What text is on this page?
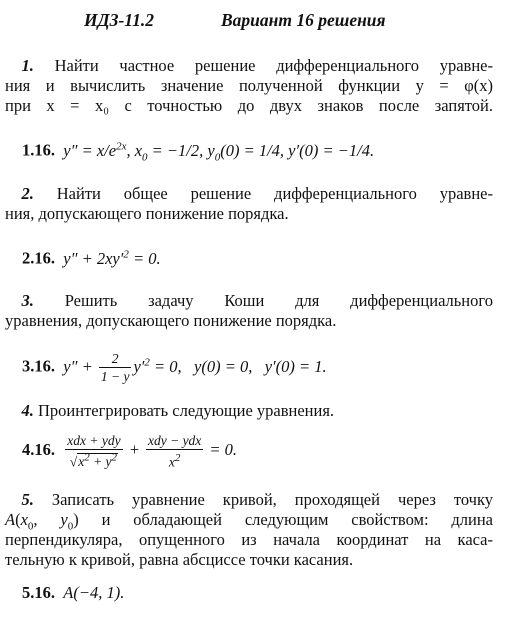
ИДЗ-11.2	Вариант 16 решения
 1. Найти частное решение дифференциального уравне-
ния и вычислить значение полученной функции y = φ(x)
при x = x₀ с точностью до двух знаков после запятой.
1.16. $y'' = x/e^{2x}$, $x_0 = -1/2$, $y_0(0) = 1/4$, y′(0) = −1/4.
 2. Найти общее решение дифференциального уравне-
ния, допускающего понижение порядка.
2.16. $y'' + 2xy'^2 = 0$.
 3. Решить задачу Коши для дифференциального
уравнения, допускающего понижение порядка.
3.16. $y'' + \frac{2}{1 - y} y'^2 = 0$,   y(0) = 0,   y′(0) = 1.
 4. Проинтегрировать следующие уравнения.
4.16. $\frac{\text{xdx + ydy}}{√x^2 + y^2} + \frac{\text{xdy − ydx}}{x^2} = 0$.
 5. Записать уравнение кривой, проходящей через точку
$A(x_0$, $y_0$) и обладающей следующим свойством: длина
перпендикуляра, опущенного из начала координат на каса-
тельную к кривой, равна абсциссе точки касания.
5.16. A(−4, 1).
